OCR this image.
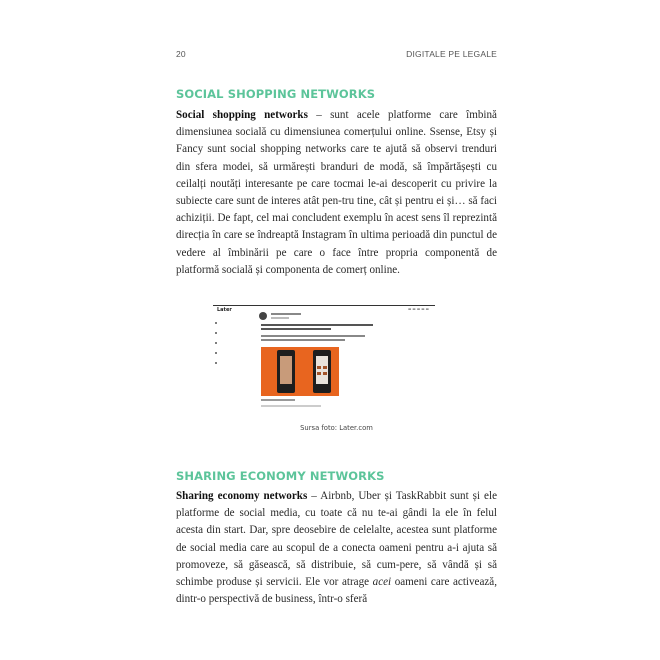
20	DIGITALE PE LEGALE
SOCIAL SHOPPING NETWORKS

Social shopping networks – sunt acele platforme care îmbină dimensiunea socială cu dimensiunea comerțului online. Ssense, Etsy și Fancy sunt social shopping networks care te ajută să observi trenduri din sfera modei, să urmărești branduri de modă, să împărtășești cu ceilalți noutăți interesante pe care tocmai le-ai descoperit cu privire la subiecte care sunt de interes atât pen-tru tine, cât și pentru ei și… să faci achiziții. De fapt, cel mai concludent exemplu în acest sens îl reprezintă direcția în care se îndreaptă Instagram în ultima perioadă din punctul de vedere al îmbinării pe care o face între propria componentă de platformă socială și componenta de comerț online.

Later	▬ ▬ ▬ ▬ ▬
Sursa foto: Later.com
SHARING ECONOMY NETWORKS

Sharing economy networks – Airbnb, Uber și TaskRabbit sunt și ele platforme de social media, cu toate că nu te-ai gândi la ele în felul acesta din start. Dar, spre deosebire de celelalte, acestea sunt platforme de social media care au scopul de a conecta oameni pentru a-i ajuta să promoveze, să găsească, să distribuie, să cum-pere, să vândă și să schimbe produse și servicii. Ele vor atrage acei oameni care activează, dintr-o perspectivă de business, într-o sferă
